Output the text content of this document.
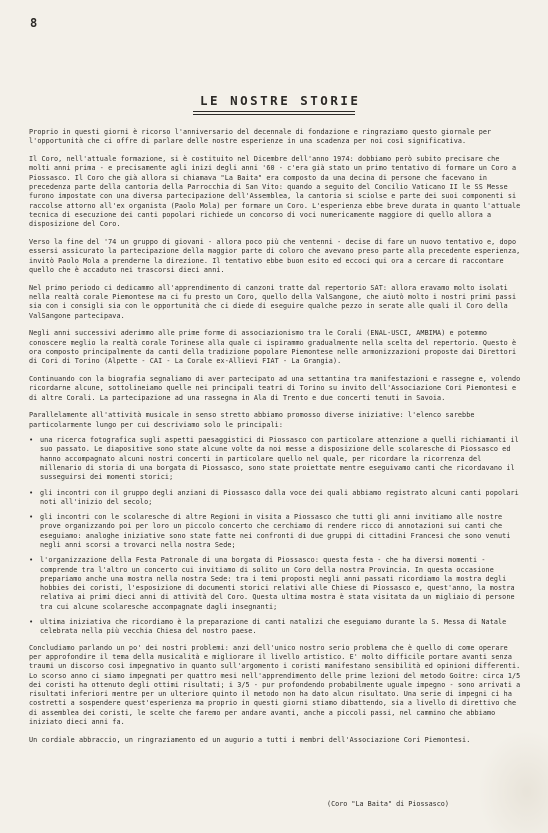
8
LE NOSTRE STORIE

Proprio in questi giorni è ricorso l'anniversario del decennale di fondazione e ringraziamo questo giornale per l'opportunità che ci offre di parlare delle nostre esperienze in una scadenza per noi così significativa.

Il Coro, nell'attuale formazione, si è costituito nel Dicembre dell'anno 1974: dobbiamo però subito precisare che molti anni prima - e precisamente agli inizi degli anni '60 - c'era già stato un primo tentativo di formare un Coro a Piossasco. Il Coro che già allora si chiamava "La Baita" era composto da una decina di persone che facevano in precedenza parte della cantoria della Parrocchia di San Vito: quando a seguito del Concilio Vaticano II le SS Messe furono impostate con una diversa partecipazione dell'Assemblea, la cantoria si sciolse e parte dei suoi componenti si raccolse attorno all'ex organista (Paolo Mola) per formare un Coro. L'esperienza ebbe breve durata in quanto l'attuale tecnica di esecuzione dei canti popolari richiede un concorso di voci numericamente maggiore di quello allora a disposizione del Coro.

Verso la fine del '74 un gruppo di giovani - allora poco più che ventenni - decise di fare un nuovo tentativo e, dopo essersi assicurato la partecipazione della maggior parte di coloro che avevano preso parte alla precedente esperienza, invitò Paolo Mola a prenderne la direzione. Il tentativo ebbe buon esito ed eccoci qui ora a cercare di raccontare quello che è accaduto nei trascorsi dieci anni.

Nel primo periodo ci dedicammo all'apprendimento di canzoni tratte dal repertorio SAT: allora eravamo molto isolati nella realtà corale Piemontese ma ci fu presto un Coro, quello della ValSangone, che aiutò molto i nostri primi passi sia con i consigli sia con le opportunità che ci diede di eseguire qualche pezzo in serate alle quali il Coro della ValSangone partecipava.

Negli anni successivi aderimmo alle prime forme di associazionismo tra le Corali (ENAL-USCI, AMBIMA) e potemmo conoscere meglio la realtà corale Torinese alla quale ci ispirammo gradualmente nella scelta del repertorio. Questo è ora composto principalmente da canti della tradizione popolare Piemontese nelle armonizzazioni proposte dai Direttori di Cori di Torino (Alpette - CAI - La Corale ex-Allievi FIAT - La Grangia).

Continuando con la biografia segnaliamo di aver partecipato ad una settantina tra manifestazioni e rassegne e, volendo ricordarne alcune, sottolineiamo quelle nei principali teatri di Torino su invito dell'Associazione Cori Piemontesi e di altre Corali. La partecipazione ad una rassegna in Ala di Trento e due concerti tenuti in Savoia.

Parallelamente all'attività musicale in senso stretto abbiamo promosso diverse iniziative: l'elenco sarebbe particolarmente lungo per cui descriviamo solo le principali:

• una ricerca fotografica sugli aspetti paesaggistici di Piossasco con particolare attenzione a quelli richiamanti il suo passato. Le diapositive sono state alcune volte da noi messe a disposizione delle scolaresche di Piossasco ed hanno accompagnato alcuni nostri concerti in particolare quello nel quale, per ricordare la ricorrenza del millenario di storia di una borgata di Piossasco, sono state proiettate mentre eseguivamo canti che ricordavano il susseguirsi dei momenti storici;
• gli incontri con il gruppo degli anziani di Piossasco dalla voce dei quali abbiamo registrato alcuni canti popolari noti all'inizio del secolo;
• gli incontri con le scolaresche di altre Regioni in visita a Piossasco che tutti gli anni invitiamo alle nostre prove organizzando poi per loro un piccolo concerto che cerchiamo di rendere ricco di annotazioni sui canti che eseguiamo: analoghe iniziative sono state fatte nei confronti di due gruppi di cittadini Francesi che sono venuti negli anni scorsi a trovarci nella nostra Sede;
• l'organizzazione della Festa Patronale di una borgata di Piossasco: questa festa - che ha diversi momenti - comprende tra l'altro un concerto cui invitiamo di solito un Coro della nostra Provincia. In questa occasione prepariamo anche una mostra nella nostra Sede: tra i temi proposti negli anni passati ricordiamo la mostra degli hobbies dei coristi, l'esposizione di documenti storici relativi alle Chiese di Piossasco e, quest'anno, la mostra relativa ai primi dieci anni di attività del Coro. Questa ultima mostra è stata visitata da un migliaio di persone tra cui alcune scolaresche accompagnate dagli insegnanti;
• ultima iniziativa che ricordiamo è la preparazione di canti natalizi che eseguiamo durante la S. Messa di Natale celebrata nella più vecchia Chiesa del nostro paese.

Concludiamo parlando un po' dei nostri problemi: anzi dell'unico nostro serio problema che è quello di come operare per approfondire il tema della musicalità e migliorare il livello artistico. E' molto difficile portare avanti senza traumi un discorso così impegnativo in quanto sull'argomento i coristi manifestano sensibilità ed opinioni differenti. Lo scorso anno ci siamo impegnati per quattro mesi nell'apprendimento delle prime lezioni del metodo Goitre: circa 1/5 dei coristi ha ottenuto degli ottimi risultati; i 3/5 - pur profondendo probabilmente uguale impegno - sono arrivati a risultati inferiori mentre per un ulteriore quinto il metodo non ha dato alcun risultato. Una serie di impegni ci ha costretti a sospendere quest'esperienza ma proprio in questi giorni stiamo dibattendo, sia a livello di direttivo che di assemblea dei coristi, le scelte che faremo per andare avanti, anche a piccoli passi, nel cammino che abbiamo iniziato dieci anni fa.

Un cordiale abbraccio, un ringraziamento ed un augurio a tutti i membri dell'Associazione Cori Piemontesi.

(Coro "La Baita" di Piossasco)
